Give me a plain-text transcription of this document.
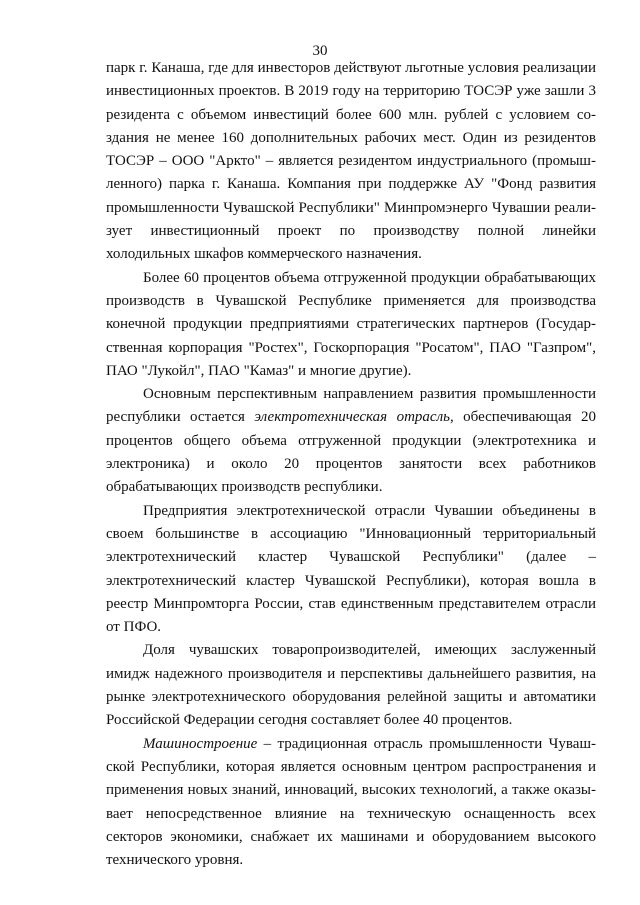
30

парк г. Канаша, где для инвесторов действуют льготные условия реализации инвестиционных проектов. В 2019 году на территорию ТОСЭР уже зашли 3 резидента с объемом инвестиций более 600 млн. рублей с условием создания не менее 160 дополнительных рабочих мест. Один из резидентов ТОСЭР – ООО "Аркто" – является резидентом индустриального (промышленного) парка г. Канаша. Компания при поддержке АУ "Фонд развития промышленности Чувашской Республики" Минпромэнерго Чувашии реализует инвестиционный проект по производству полной линейки холодильных шкафов коммерческого назначения.

Более 60 процентов объема отгруженной продукции обрабатывающих производств в Чувашской Республике применяется для производства конечной продукции предприятиями стратегических партнеров (Государственная корпорация "Ростех", Госкорпорация "Росатом", ПАО "Газпром", ПАО "Лукойл", ПАО "Камаз" и многие другие).

Основным перспективным направлением развития промышленности республики остается электротехническая отрасль, обеспечивающая 20 процентов общего объема отгруженной продукции (электротехника и электроника) и около 20 процентов занятости всех работников обрабатывающих производств республики.

Предприятия электротехнической отрасли Чувашии объединены в своем большинстве в ассоциацию "Инновационный территориальный электротехнический кластер Чувашской Республики" (далее – электротехнический кластер Чувашской Республики), которая вошла в реестр Минпромторга России, став единственным представителем отрасли от ПФО.

Доля чувашских товаропроизводителей, имеющих заслуженный имидж надежного производителя и перспективы дальнейшего развития, на рынке электротехнического оборудования релейной защиты и автоматики Российской Федерации сегодня составляет более 40 процентов.

Машиностроение – традиционная отрасль промышленности Чувашской Республики, которая является основным центром распространения и применения новых знаний, инноваций, высоких технологий, а также оказывает непосредственное влияние на техническую оснащенность всех секторов экономики, снабжает их машинами и оборудованием высокого технического уровня.
